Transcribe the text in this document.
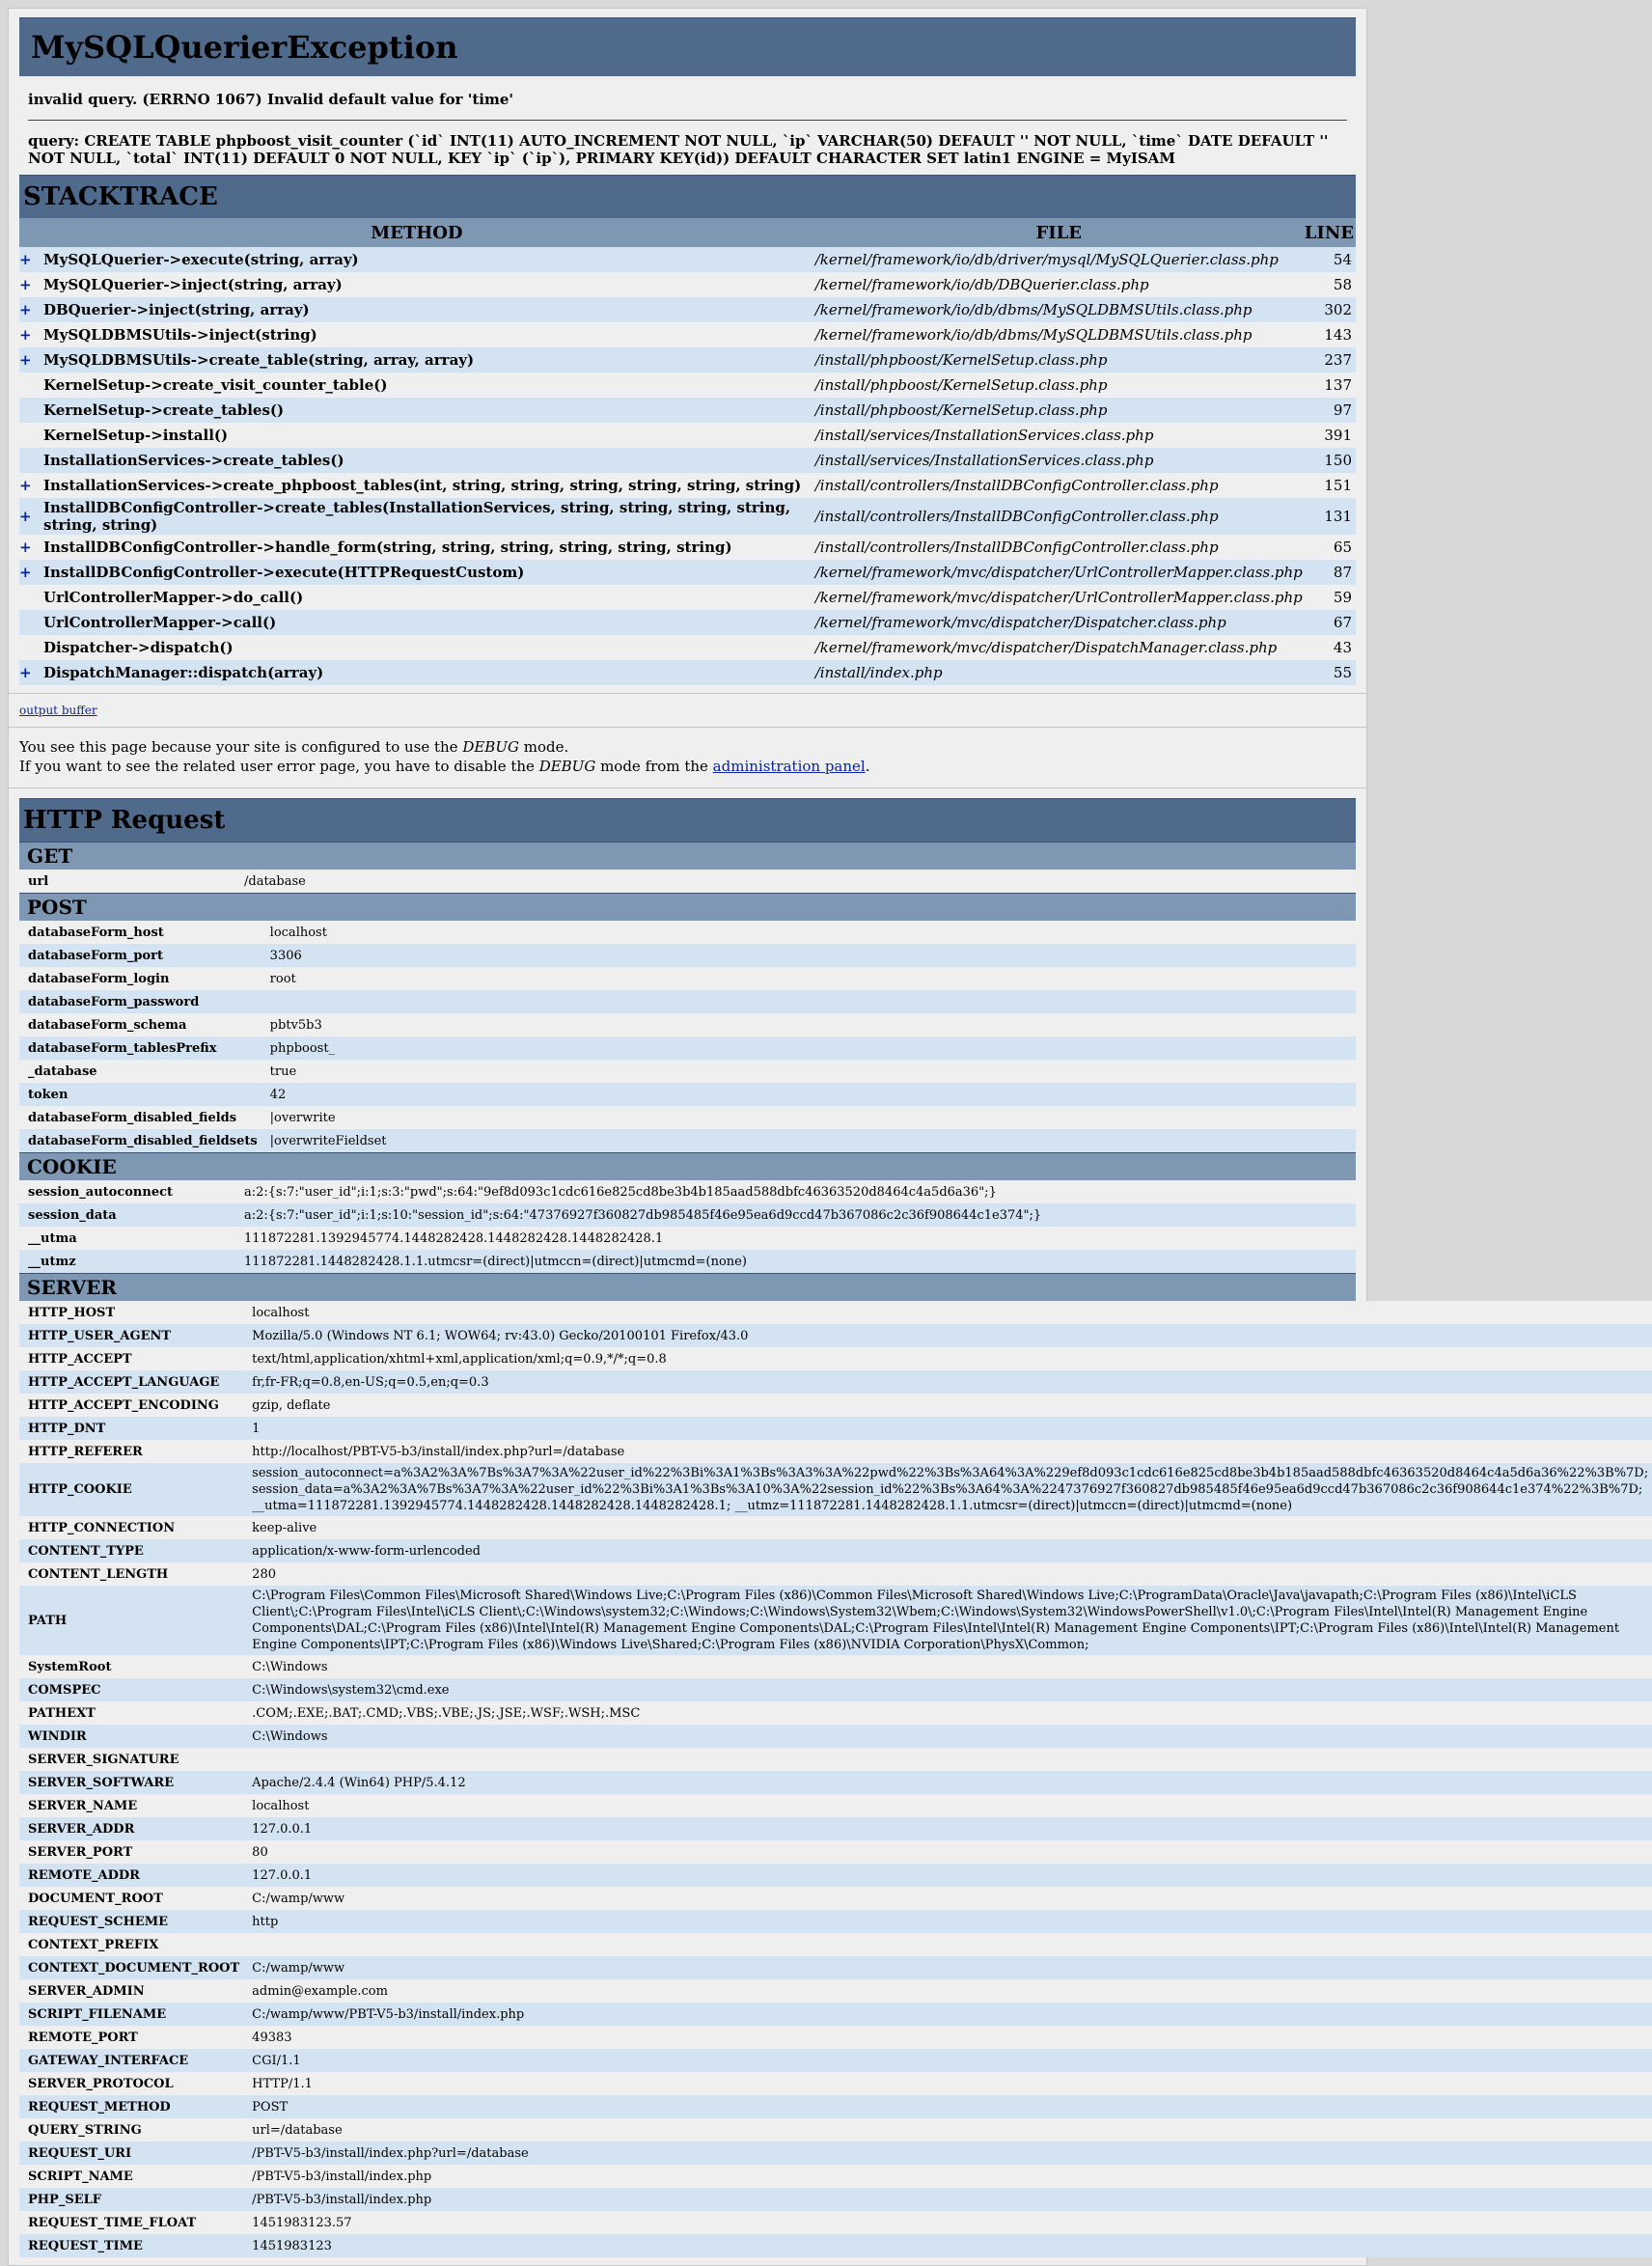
MySQLQuerierException
invalid query. (ERRNO 1067) Invalid default value for 'time'
query: CREATE TABLE phpboost_visit_counter (`id` INT(11) AUTO_INCREMENT NOT NULL, `ip` VARCHAR(50) DEFAULT '' NOT NULL, `time` DATE DEFAULT '' NOT NULL, `total` INT(11) DEFAULT 0 NOT NULL, KEY `ip` (`ip`), PRIMARY KEY(id)) DEFAULT CHARACTER SET latin1 ENGINE = MyISAM
STACKTRACE
METHOD		FILE	LINE
+	MySQLQuerier->execute(string, array)	/kernel/framework/io/db/driver/mysql/MySQLQuerier.class.php	54
+	MySQLQuerier->inject(string, array)	/kernel/framework/io/db/DBQuerier.class.php	58
+	DBQuerier->inject(string, array)	/kernel/framework/io/db/dbms/MySQLDBMSUtils.class.php	302
+	MySQLDBMSUtils->inject(string)	/kernel/framework/io/db/dbms/MySQLDBMSUtils.class.php	143
+	MySQLDBMSUtils->create_table(string, array, array)	/install/phpboost/KernelSetup.class.php	237
	KernelSetup->create_visit_counter_table()	/install/phpboost/KernelSetup.class.php	137
	KernelSetup->create_tables()	/install/phpboost/KernelSetup.class.php	97
	KernelSetup->install()	/install/services/InstallationServices.class.php	391
	InstallationServices->create_tables()	/install/services/InstallationServices.class.php	150
+	InstallationServices->create_phpboost_tables(int, string, string, string, string, string, string)	/install/controllers/InstallDBConfigController.class.php	151
+	InstallDBConfigController->create_tables(InstallationServices, string, string, string, string, string, string)	/install/controllers/InstallDBConfigController.class.php	131
+	InstallDBConfigController->handle_form(string, string, string, string, string, string)	/install/controllers/InstallDBConfigController.class.php	65
+	InstallDBConfigController->execute(HTTPRequestCustom)	/kernel/framework/mvc/dispatcher/UrlControllerMapper.class.php	87
	UrlControllerMapper->do_call()	/kernel/framework/mvc/dispatcher/UrlControllerMapper.class.php	59
	UrlControllerMapper->call()	/kernel/framework/mvc/dispatcher/Dispatcher.class.php	67
	Dispatcher->dispatch()	/kernel/framework/mvc/dispatcher/DispatchManager.class.php	43
+	DispatchManager::dispatch(array)	/install/index.php	55
output buffer
You see this page because your site is configured to use the DEBUG mode.
If you want to see the related user error page, you have to disable the DEBUG mode from the administration panel.
HTTP Request
GET
url	/database
POST
databaseForm_host	localhost
databaseForm_port	3306
databaseForm_login	root
databaseForm_password	
databaseForm_schema	pbtv5b3
databaseForm_tablesPrefix	phpboost_
_database	true
token	42
databaseForm_disabled_fields	|overwrite
databaseForm_disabled_fieldsets	|overwriteFieldset
COOKIE
session_autoconnect	a:2:{s:7:"user_id";i:1;s:3:"pwd";s:64:"9ef8d093c1cdc616e825cd8be3b4b185aad588dbfc46363520d8464c4a5d6a36";}
session_data	a:2:{s:7:"user_id";i:1;s:10:"session_id";s:64:"47376927f360827db985485f46e95ea6d9ccd47b367086c2c36f908644c1e374";}
__utma	111872281.1392945774.1448282428.1448282428.1448282428.1
__utmz	111872281.1448282428.1.1.utmcsr=(direct)|utmccn=(direct)|utmcmd=(none)
SERVER
HTTP_HOST	localhost
HTTP_USER_AGENT	Mozilla/5.0 (Windows NT 6.1; WOW64; rv:43.0) Gecko/20100101 Firefox/43.0
HTTP_ACCEPT	text/html,application/xhtml+xml,application/xml;q=0.9,*/*;q=0.8
HTTP_ACCEPT_LANGUAGE	fr,fr-FR;q=0.8,en-US;q=0.5,en;q=0.3
HTTP_ACCEPT_ENCODING	gzip, deflate
HTTP_DNT	1
HTTP_REFERER	http://localhost/PBT-V5-b3/install/index.php?url=/database
HTTP_COOKIE	session_autoconnect=a%3A2%3A%7Bs%3A7%3A%22user_id%22%3Bi%3A1%3Bs%3A3%3A%22pwd%22%3Bs%3A64%3A%229ef8d093c1cdc616e825cd8be3b4b185aad588dbfc46363520d8464c4a5d6a36%22%3B%7D; session_data=a%3A2%3A%7Bs%3A7%3A%22user_id%22%3Bi%3A1%3Bs%3A10%3A%22session_id%22%3Bs%3A64%3A%2247376927f360827db985485f46e95ea6d9ccd47b367086c2c36f908644c1e374%22%3B%7D; __utma=111872281.1392945774.1448282428.1448282428.1448282428.1; __utmz=111872281.1448282428.1.1.utmcsr=(direct)|utmccn=(direct)|utmcmd=(none)
HTTP_CONNECTION	keep-alive
CONTENT_TYPE	application/x-www-form-urlencoded
CONTENT_LENGTH	280
PATH	C:\Program Files\Common Files\Microsoft Shared\Windows Live;C:\Program Files (x86)\Common Files\Microsoft Shared\Windows Live;C:\ProgramData\Oracle\Java\javapath;C:\Program Files (x86)\Intel\iCLS Client\;C:\Program Files\Intel\iCLS Client\;C:\Windows\system32;C:\Windows;C:\Windows\System32\Wbem;C:\Windows\System32\WindowsPowerShell\v1.0\;C:\Program Files\Intel\Intel(R) Management Engine Components\DAL;C:\Program Files (x86)\Intel\Intel(R) Management Engine Components\DAL;C:\Program Files\Intel\Intel(R) Management Engine Components\IPT;C:\Program Files (x86)\Intel\Intel(R) Management Engine Components\IPT;C:\Program Files (x86)\Windows Live\Shared;C:\Program Files (x86)\NVIDIA Corporation\PhysX\Common;
SystemRoot	C:\Windows
COMSPEC	C:\Windows\system32\cmd.exe
PATHEXT	.COM;.EXE;.BAT;.CMD;.VBS;.VBE;.JS;.JSE;.WSF;.WSH;.MSC
WINDIR	C:\Windows
SERVER_SIGNATURE	
SERVER_SOFTWARE	Apache/2.4.4 (Win64) PHP/5.4.12
SERVER_NAME	localhost
SERVER_ADDR	127.0.0.1
SERVER_PORT	80
REMOTE_ADDR	127.0.0.1
DOCUMENT_ROOT	C:/wamp/www
REQUEST_SCHEME	http
CONTEXT_PREFIX	
CONTEXT_DOCUMENT_ROOT	C:/wamp/www
SERVER_ADMIN	admin@example.com
SCRIPT_FILENAME	C:/wamp/www/PBT-V5-b3/install/index.php
REMOTE_PORT	49383
GATEWAY_INTERFACE	CGI/1.1
SERVER_PROTOCOL	HTTP/1.1
REQUEST_METHOD	POST
QUERY_STRING	url=/database
REQUEST_URI	/PBT-V5-b3/install/index.php?url=/database
SCRIPT_NAME	/PBT-V5-b3/install/index.php
PHP_SELF	/PBT-V5-b3/install/index.php
REQUEST_TIME_FLOAT	1451983123.57
REQUEST_TIME	1451983123
